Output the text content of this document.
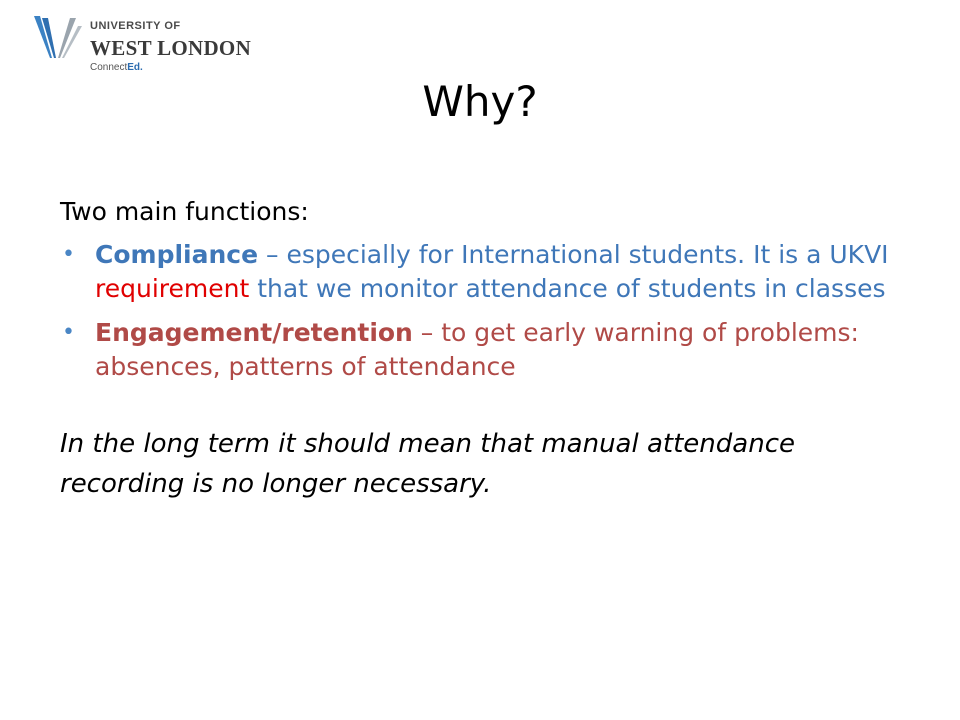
UNIVERSITY OF
WEST LONDON
ConnectEd.
Why?
Two main functions:
• Compliance – especially for International students. It is a UKVI requirement that we monitor attendance of students in classes
• Engagement/retention – to get early warning of problems: absences, patterns of attendance
In the long term it should mean that manual attendance recording is no longer necessary.
